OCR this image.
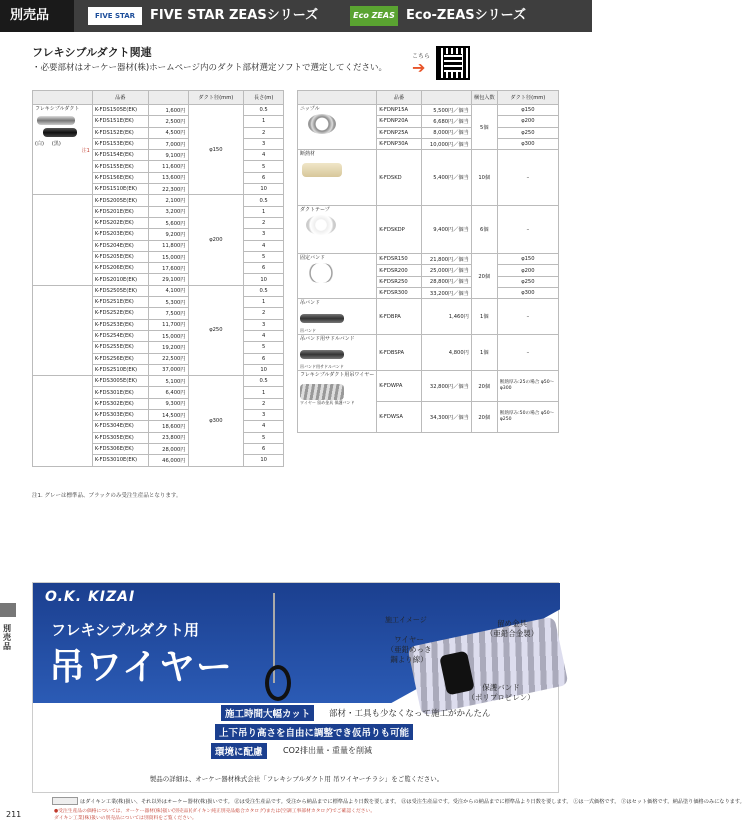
別売品	FIVE STAR	FIVE STAR ZEASシリーズ	Eco ZEAS Eco-ZEASシリーズ
フレキシブルダクト関連
・必要部材はオーケー器材(株)ホームページ内のダクト部材選定ソフトで選定してください。
こちら
➔
	品番		ダクト径(mm)	長さ(m)

フレキシブルダクト
(白) (黒)
注1	K-FDS1505E(EK)	1,600円	φ150	0.5
	K-FDS151E(EK)	2,500円		1
	K-FDS152E(EK)	4,500円		2
	K-FDS153E(EK)	7,000円		3
	K-FDS154E(EK)	9,100円		4
	K-FDS155E(EK)	11,600円		5
	K-FDS156E(EK)	13,600円		6
	K-FDS1510E(EK)	22,300円		10
	K-FDS2005E(EK)	2,100円	φ200	0.5
	K-FDS201E(EK)	3,200円		1
	K-FDS202E(EK)	5,600円		2
	K-FDS203E(EK)	9,200円		3
	K-FDS204E(EK)	11,800円		4
	K-FDS205E(EK)	15,000円		5
	K-FDS206E(EK)	17,600円		6
	K-FDS2010E(EK)	29,100円		10
	K-FDS2505E(EK)	4,100円	φ250	0.5
	K-FDS251E(EK)	5,300円		1
	K-FDS252E(EK)	7,500円		2
	K-FDS253E(EK)	11,700円		3
	K-FDS254E(EK)	15,000円		4
	K-FDS255E(EK)	19,200円		5
	K-FDS256E(EK)	22,500円		6
	K-FDS2510E(EK)	37,000円		10
	K-FDS3005E(EK)	5,100円	φ300	0.5
	K-FDS301E(EK)	6,400円		1
	K-FDS302E(EK)	9,300円		2
	K-FDS303E(EK)	14,500円		3
	K-FDS304E(EK)	18,600円		4
	K-FDS305E(EK)	23,800円		5
	K-FDS306E(EK)	28,000円		6
	K-FDS3010E(EK)	46,000円		10
	品番		梱包入数	ダクト径(mm)

ニップル	K-FDNP15A	5,500円／個当	5個	φ150
	K-FDNP20A	6,680円／個当		φ200
	K-FDNP25A	8,000円／個当		φ250
	K-FDNP30A	10,000円／個当		φ300

断熱材	K-FDSKD	5,400円／個当	10個	–

ダクトテープ	K-FDSKDP	9,400円／個当	6個	–

固定バンド	K-FDSR150	21,800円／個当	20個	φ150
	K-FDSR200	25,000円／個当		φ200
	K-FDSR250	28,800円／個当		φ250
	K-FDSR300	33,200円／個当		φ300

吊バンド
吊バンド	K-FDBPA	1,460円	1個	–

吊バンド用サドルバンド
吊バンド用サドルバンド	K-FDBSPA	4,800円	1個	–

フレキシブルダクト用吊ワイヤー
ワイヤー 留め金具 保護バンド	K-FDWPA	32,800円／個当	20個	断熱厚み:25の場合 φ50～φ300
	K-FDWSA	34,300円／個当	20個	断熱厚み:50の場合 φ50～φ250
注1. グレーは標準品、ブラックのみ受注生産品となります。
別売品
O.K. KIZAI
フレキシブルダクト用
吊ワイヤー
施工イメージ	留め金具
（亜鉛合金製）
ワイヤー
（亜鉛めっき
鋼より線）
保護バンド
（ポリプロピレン）
施工時間大幅カット	部材・工具も少なくなって施工がかんたん
上下吊り高さを自由に調整でき仮吊りも可能
環境に配慮	CO2排出量・重量を削減
製品の詳細は、オーケー器材株式会社「フレキシブルダクト用 吊ワイヤーチラシ」をご覧ください。
はダイキン工業(株)扱い、それ以外はオーケー器材(株)扱いです。 ㊣は受注生産品です。受注から納品までに標準品より日数を要します。 ㊟は受注生産品です。受注からの納品までに標準品より日数を要します。 ㊤は一式価格です。 ㊦はセット価格です。納品塗り価格のみになります。
211	●受注生産品の価格については、オーケー器材(株)扱い(別売品)(ダイキン純正別売品総合カタログ)または(空調工事部材カタログ)でご確認ください。
ダイキン工業(株)扱いの別売品については別資料をご覧ください。
